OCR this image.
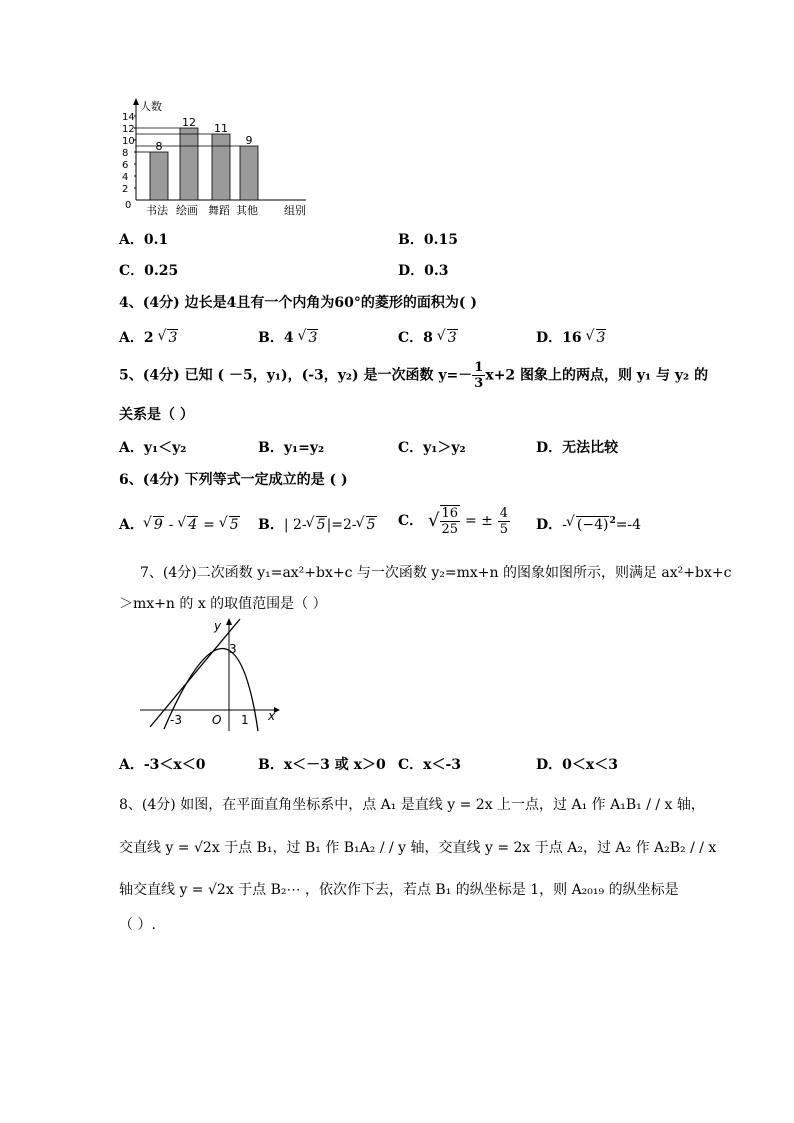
人数
组别
0
2
4
6
8
10
12
14
8
书法
12
绘画
11
舞蹈
9
其他
A．0.1	B．0.15
C．0.25	D．0.3
4、(4分) 边长是4且有一个内角为60°的菱形的面积为( )
A．2 √ 3	B．4 √ 3	C．8 √ 3	D．16 √ 3
5、(4分) 已知 ( －5，y₁)，(-3，y₂) 是一次函数 $y=- \frac{1}{3} x+2$ 图象上的两点，则 y₁ 与 y₂ 的
关系是（ ）
A．y₁＜y₂	B．y₁=y₂	C．y₁＞y₂	D．无法比较
6、(4分) 下列等式一定成立的是 ( )
A． √ 9 - √ 4 = √ 5 B．| 2- √ 5|=2- √ 5 C． √ $\frac{16}{25}$ = ± $\frac{4}{5}$ D．- √ $(-4)^2=-4$
7、(4分)二次函数 y₁=ax²+bx+c 与一次函数 y₂=mx+n 的图象如图所示，则满足 ax²+bx+c
＞mx+n 的 x 的取值范围是（ ）
y
x
O
-3	1
3
A．-3＜x＜0	B．x＜－3 或 x＞0 C．x＜-3	D．0＜x＜3
8、(4分) 如图，在平面直角坐标系中，点 A₁ 是直线 y = 2x 上一点，过 A₁ 作 A₁B₁ / / x 轴，
交直线 y = √2x 于点 B₁，过 B₁ 作 B₁A₂ / / y 轴，交直线 y = 2x 于点 A₂，过 A₂ 作 A₂B₂ / / x
轴交直线 y = √2x 于点 B₂⋯ ，依次作下去，若点 B₁ 的纵坐标是 1，则 A₂₀₁₉ 的纵坐标是
（ ）.
